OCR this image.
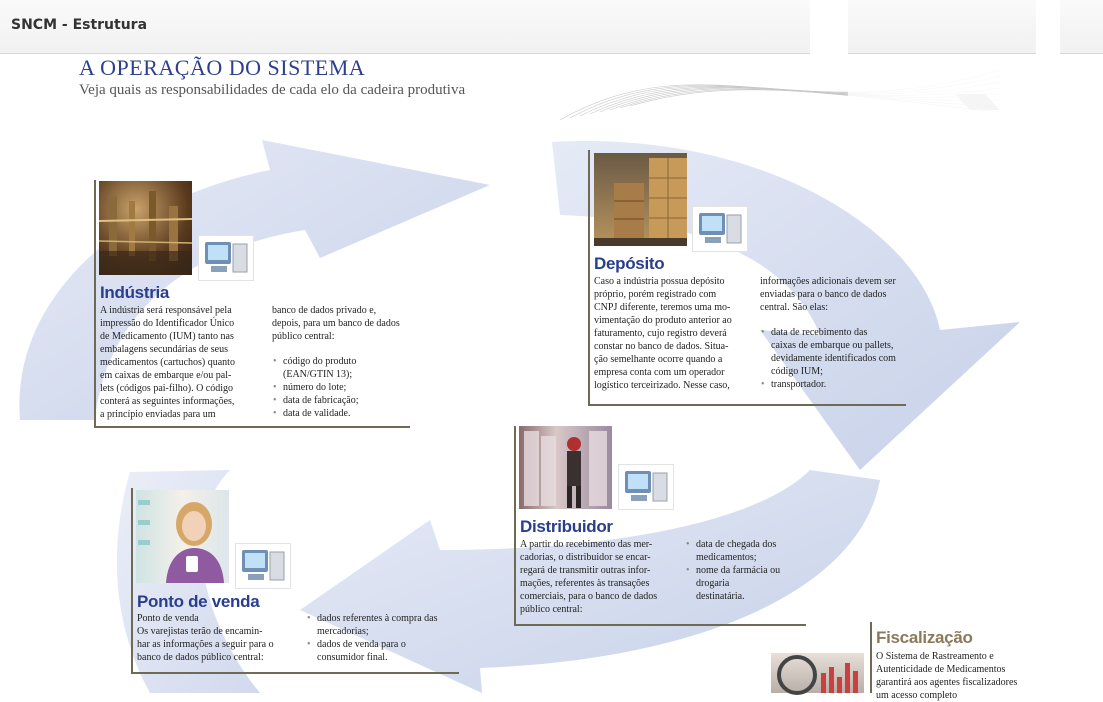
SNCM - Estrutura
A OPERAÇÃO DO SISTEMA
Veja quais as responsabilidades de cada elo da cadeira produtiva
Indústria
A indústria será responsável pela
impressão do Identificador Único
de Medicamento (IUM) tanto nas
embalagens secundárias de seus
medicamentos (cartuchos) quanto
em caixas de embarque e/ou pal-
lets (códigos pai-filho). O código
conterá as seguintes informações,
a princípio enviadas para um
banco de dados privado e,
depois, para um banco de dados
público central:
• código do produto
(EAN/GTIN 13);
• número do lote;
• data de fabricação;
• data de validade.
Depósito
Caso a indústria possua depósito
próprio, porém registrado com
CNPJ diferente, teremos uma mo-
vimentação do produto anterior ao
faturamento, cujo registro deverá
constar no banco de dados. Situa-
ção semelhante ocorre quando a
empresa conta com um operador
logístico terceirizado. Nesse caso,
informações adicionais devem ser
enviadas para o banco de dados
central. São elas:
• data de recebimento das
caixas de embarque ou pallets,
devidamente identificados com
código IUM;
• transportador.
Distribuidor
A partir do recebimento das mer-
cadorias, o distribuidor se encar-
regará de transmitir outras infor-
mações, referentes às transações
comerciais, para o banco de dados
público central:
• data de chegada dos
medicamentos;
• nome da farmácia ou drogaria
destinatária.
Ponto de venda
Ponto de venda
Os varejistas terão de encamin-
har as informações a seguir para o
banco de dados público central:
• dados referentes à compra das
mercadorias;
• dados de venda para o
consumidor final.
Fiscalização
O Sistema de Rastreamento e
Autenticidade de Medicamentos
garantirá aos agentes fiscalizadores
um acesso completo
